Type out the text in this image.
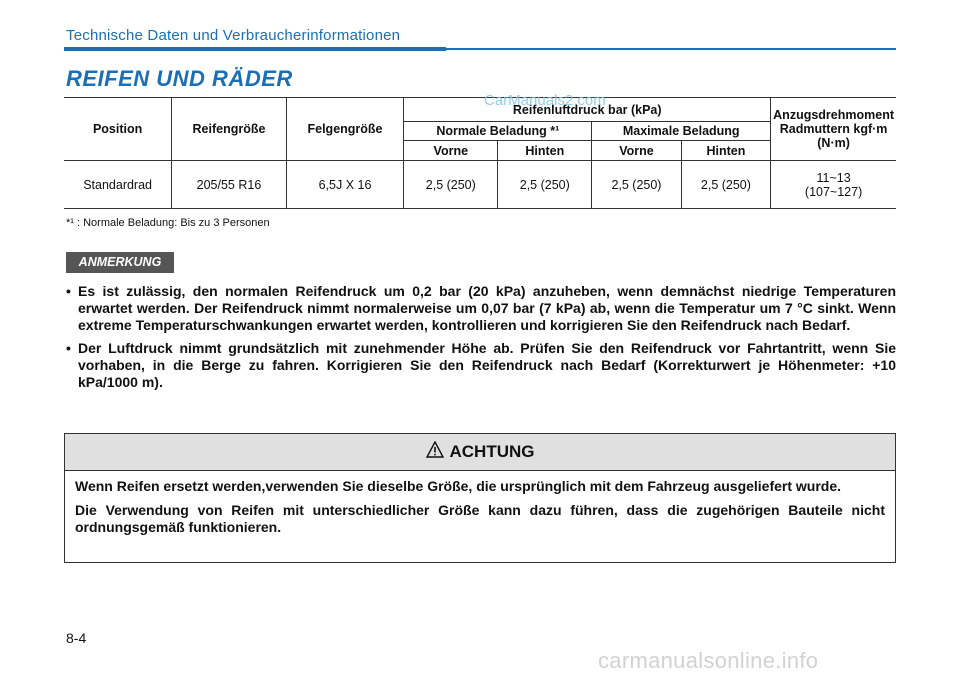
Technische Daten und Verbraucherinformationen
REIFEN UND RÄDER
Position	Reifengröße	Felgengröße	Reifenluftdruck bar (kPa)				Anzugsdrehmoment Radmuttern kgf·m (N·m)
			Normale Beladung *¹		Maximale Beladung		
			Vorne	Hinten	Vorne	Hinten	
Standardrad	205/55 R16	6,5J X 16	2,5 (250)	2,5 (250)	2,5 (250)	2,5 (250)	11~13
(107~127)
CarManuals2.com
*¹ : Normale Beladung: Bis zu 3 Personen
ANMERKUNG
• Es ist zulässig, den normalen Reifendruck um 0,2 bar (20 kPa) anzuheben, wenn demnächst niedrige Temperaturen erwartet werden. Der Reifendruck nimmt normalerweise um 0,07 bar (7 kPa) ab, wenn die Temperatur um 7 °C sinkt. Wenn extreme Temperaturschwankungen erwartet werden, kontrollieren und korrigieren Sie den Reifendruck nach Bedarf.
• Der Luftdruck nimmt grundsätzlich mit zunehmender Höhe ab. Prüfen Sie den Reifendruck vor Fahrtantritt, wenn Sie vorhaben, in die Berge zu fahren. Korrigieren Sie den Reifendruck nach Bedarf (Korrekturwert je Höhenmeter: +10 kPa/1000 m).
ACHTUNG

Wenn Reifen ersetzt werden,verwenden Sie dieselbe Größe, die ursprünglich mit dem Fahrzeug ausgeliefert wurde.

Die Verwendung von Reifen mit unterschiedlicher Größe kann dazu führen, dass die zugehörigen Bauteile nicht ordnungsgemäß funktionieren.

8-4
carmanualsonline.info
